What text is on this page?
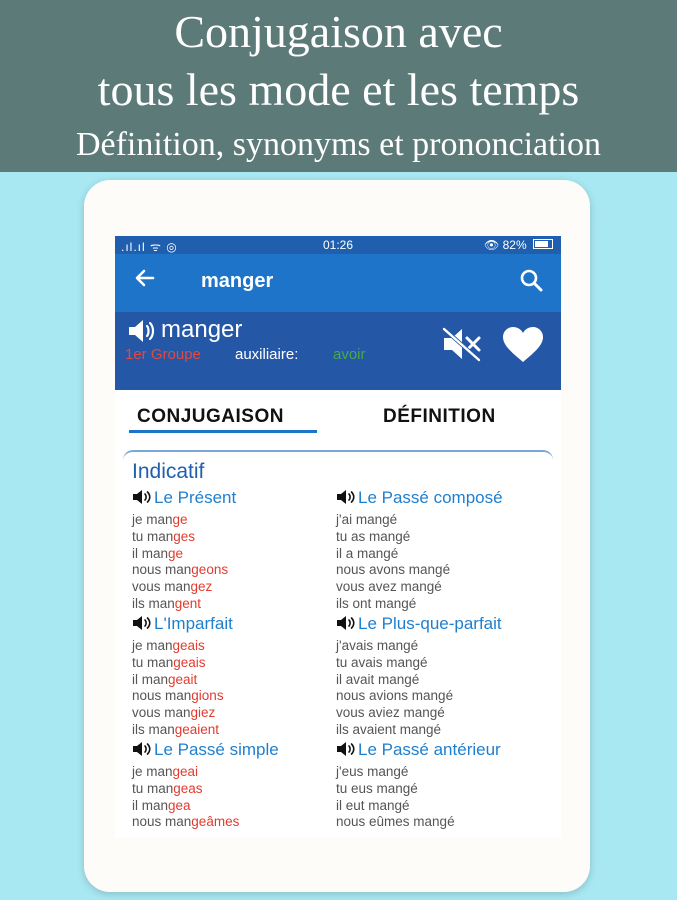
Conjugaison avec
tous les mode et les temps
Définition, synonyms et prononciation
.ıl.ıl ᯤ ◎	01:26	👁 82%
manger
manger
1er Groupe auxiliaire: avoir
CONJUGAISON	DÉFINITION
Indicatif
Le Présent
je mange
tu manges
il mange
nous mangeons
vous mangez
ils mangent
Le Passé composé
j'ai mangé
tu as mangé
il a mangé
nous avons mangé
vous avez mangé
ils ont mangé
L'Imparfait
je mangeais
tu mangeais
il mangeait
nous mangions
vous mangiez
ils mangeaient
Le Plus-que-parfait
j'avais mangé
tu avais mangé
il avait mangé
nous avions mangé
vous aviez mangé
ils avaient mangé
Le Passé simple
je mangeai
tu mangeas
il mangea
nous mangeâmes
Le Passé antérieur
j'eus mangé
tu eus mangé
il eut mangé
nous eûmes mangé
